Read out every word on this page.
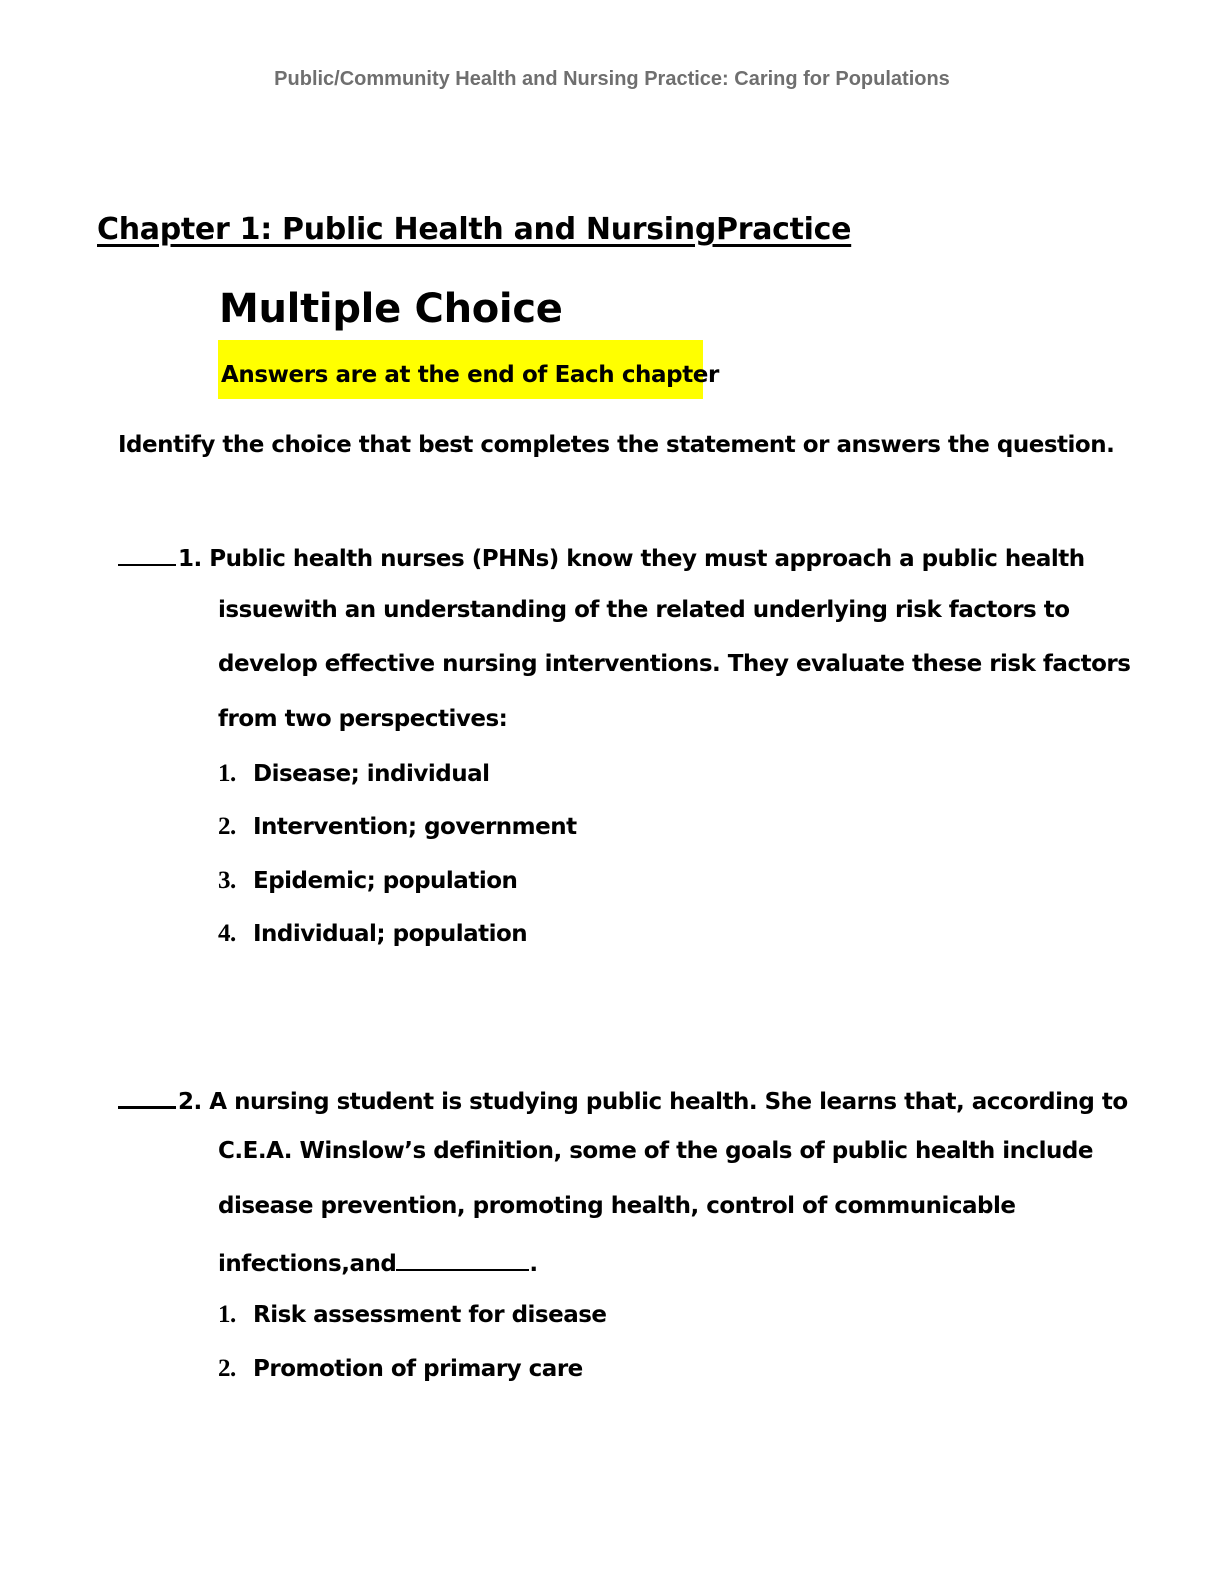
Public/Community Health and Nursing Practice: Caring for Populations
Chapter 1: Public Health and NursingPractice
Multiple Choice
Answers are at the end of Each chapter
Identify the choice that best completes the statement or answers the question.
1. Public health nurses (PHNs) know they must approach a public health
issuewith an understanding of the related underlying risk factors to
develop effective nursing interventions. They evaluate these risk factors
from two perspectives:
1. Disease; individual
2. Intervention; government
3. Epidemic; population
4. Individual; population
2. A nursing student is studying public health. She learns that, according to
C.E.A. Winslow’s definition, some of the goals of public health include
disease prevention, promoting health, control of communicable
infections,and	.
1. Risk assessment for disease
2. Promotion of primary care
